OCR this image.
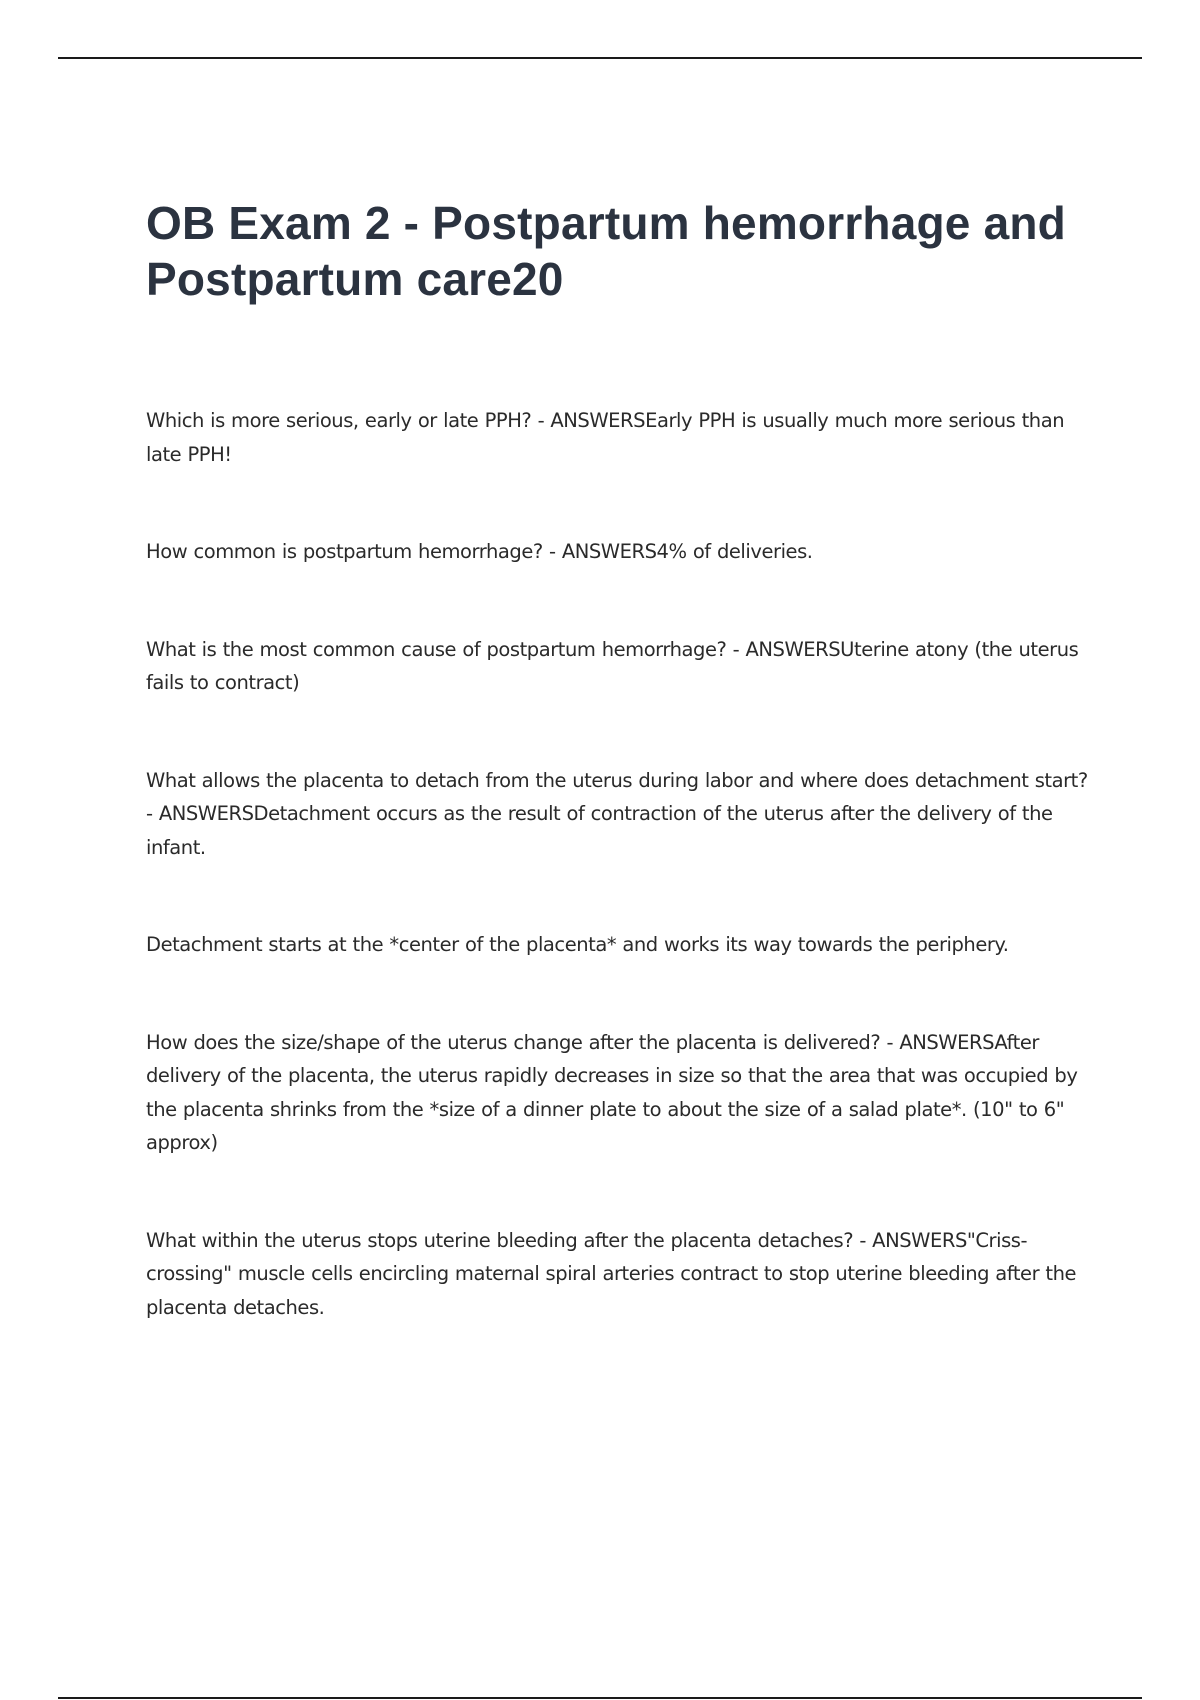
OB Exam 2 - Postpartum hemorrhage and Postpartum care20

Which is more serious, early or late PPH? - ANSWERSEarly PPH is usually much more serious than late PPH!

How common is postpartum hemorrhage? - ANSWERS4% of deliveries.

What is the most common cause of postpartum hemorrhage? - ANSWERSUterine atony (the uterus fails to contract)

What allows the placenta to detach from the uterus during labor and where does detachment start? - ANSWERSDetachment occurs as the result of contraction of the uterus after the delivery of the infant.

Detachment starts at the *center of the placenta* and works its way towards the periphery.

How does the size/shape of the uterus change after the placenta is delivered? - ANSWERSAfter delivery of the placenta, the uterus rapidly decreases in size so that the area that was occupied by the placenta shrinks from the *size of a dinner plate to about the size of a salad plate*. (10" to 6" approx)

What within the uterus stops uterine bleeding after the placenta detaches? - ANSWERS"Criss-crossing" muscle cells encircling maternal spiral arteries contract to stop uterine bleeding after the placenta detaches.
